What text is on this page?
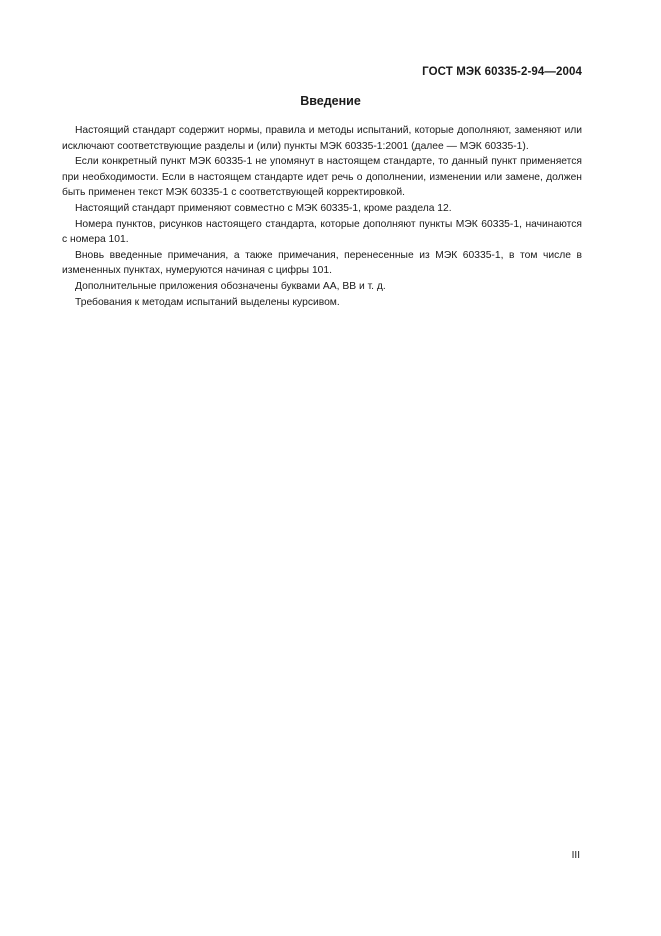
ГОСТ МЭК 60335-2-94—2004
Введение

Настоящий стандарт содержит нормы, правила и методы испытаний, которые дополняют, заменяют или исключают соответствующие разделы и (или) пункты МЭК 60335-1:2001 (далее — МЭК 60335-1).

Если конкретный пункт МЭК 60335-1 не упомянут в настоящем стандарте, то данный пункт применяется при необходимости. Если в настоящем стандарте идет речь о дополнении, изменении или замене, должен быть применен текст МЭК 60335-1 с соответствующей корректировкой.

Настоящий стандарт применяют совместно с МЭК 60335-1, кроме раздела 12.

Номера пунктов, рисунков настоящего стандарта, которые дополняют пункты МЭК 60335-1, начинаются с номера 101.

Вновь введенные примечания, а также примечания, перенесенные из МЭК 60335-1, в том числе в измененных пунктах, нумеруются начиная с цифры 101.

Дополнительные приложения обозначены буквами АА, ВВ и т. д.

Требования к методам испытаний выделены курсивом.

III
